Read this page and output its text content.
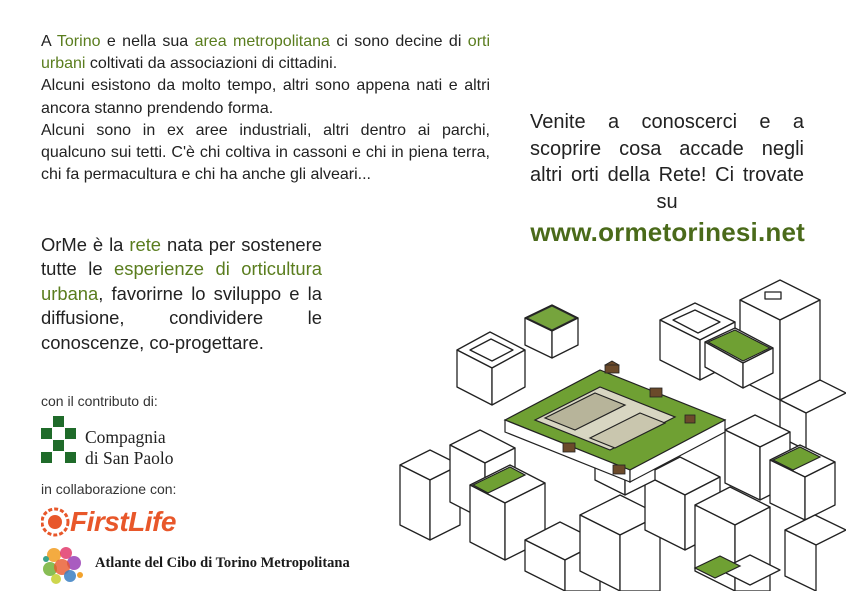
A Torino e nella sua area metropolitana ci sono decine di orti urbani coltivati da associazioni di cittadini.

Alcuni esistono da molto tempo, altri sono appena nati e altri ancora stanno prendendo forma.

Alcuni sono in ex aree industriali, altri dentro ai parchi, qualcuno sui tetti. C'è chi coltiva in cassoni e chi in piena terra, chi fa permacultura e chi ha anche gli alveari...

OrMe è la rete nata per sostenere tutte le esperienze di orticultura urbana, favorirne lo sviluppo e la diffusione, condividere le conoscenze, co-progettare.

Venite a conoscerci e a scoprire cosa accade negli altri orti della Rete! Ci trovate su

www.ormetorinesi.net
con il contributo di:
Compagnia
di San Paolo
in collaborazione con:
FirstLife
Atlante del Cibo di Torino Metropolitana
